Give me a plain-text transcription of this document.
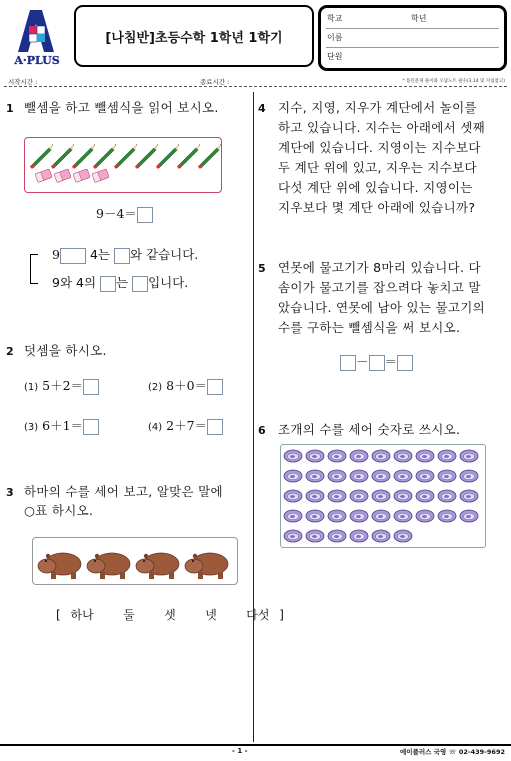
A·PLUS
[나침반]초등수학 1학년 1학기
학교	학년
이름
단원
시작시간 :	종료시간 :	* 틀린문제 풀이와 오답노트 필수(3.14 및 지침참고)
1 뺄셈을 하고 뺄셈식을 읽어 보시오.
9－4＝
9 4는 와 같습니다.
9와 4의 는 입니다.
2 덧셈을 하시오.
(1) 5＋2＝	(2) 8＋0＝
(3) 6＋1＝	(4) 2＋7＝
3 하마의 수를 세어 보고, 알맞은 말에
○표 하시오.
[ 하나   둘   셋   넷   다섯 ]
4 지수, 지영, 지우가 계단에서 놀이를
하고 있습니다. 지수는 아래에서 셋째
계단에 있습니다. 지영이는 지수보다
두 계단 위에 있고, 지우는 지수보다
다섯 계단 위에 있습니다. 지영이는
지우보다 몇 계단 아래에 있습니까?
5 연못에 물고기가 8마리 있습니다. 다
솜이가 물고기를 잡으려다 놓치고 말
았습니다. 연못에 남아 있는 물고기의
수를 구하는 뺄셈식을 써 보시오.
－ ＝
6 조개의 수를 세어 숫자로 쓰시오.
- 1 -	에이플러스 국영 ☏ 02-439-9692
